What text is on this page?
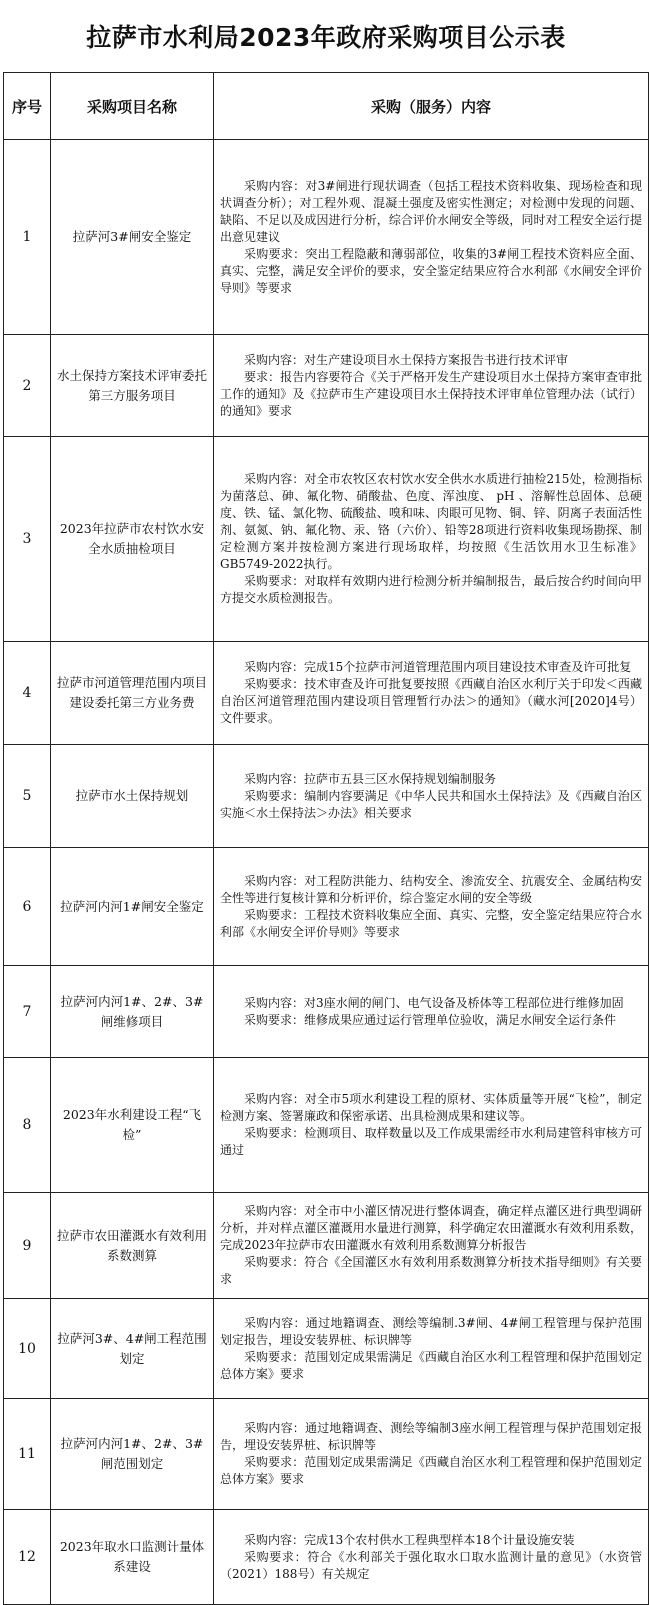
拉萨市水利局2023年政府采购项目公示表
序号	采购项目名称	采购（服务）内容
1	拉萨河3#闸安全鉴定	采购内容：对3#闸进行现状调查（包括工程技术资料收集、现场检查和现状调查分析）；对工程外观、混凝土强度及密实性测定；对检测中发现的问题、缺陷、不足以及成因进行分析，综合评价水闸安全等级，同时对工程安全运行提出意见建议

采购要求：突出工程隐蔽和薄弱部位，收集的3#闸工程技术资料应全面、真实、完整，满足安全评价的要求，安全鉴定结果应符合水利部《水闸安全评价导则》等要求

2	水土保持方案技术评审委托第三方服务项目	采购内容：对生产建设项目水土保持方案报告书进行技术评审

要求：报告内容要符合《关于严格开发生产建设项目水土保持方案审查审批工作的通知》及《拉萨市生产建设项目水土保持技术评审单位管理办法（试行）的通知》要求

3	2023年拉萨市农村饮水安全水质抽检项目	采购内容：对全市农牧区农村饮水安全供水水质进行抽检215处，检测指标为菌落总、砷、氟化物、硝酸盐、色度、浑浊度、 pH 、溶解性总固体、总硬度、铁、锰、氯化物、硫酸盐、嗅和味、肉眼可见物、铜、锌、阴离子表面活性剂、氨氮、钠、氟化物、汞、铬（六价）、铅等28项进行资料收集现场勘探、制定检测方案并按检测方案进行现场取样，均按照《生活饮用水卫生标准》GB5749-2022执行。

采购要求：对取样有效期内进行检测分析并编制报告，最后按合约时间向甲方提交水质检测报告。

4	拉萨市河道管理范围内项目建设委托第三方业务费	采购内容：完成15个拉萨市河道管理范围内项目建设技术审查及许可批复

采购要求：技术审查及许可批复要按照《西藏自治区水利厅关于印发＜西藏自治区河道管理范围内建设项目管理暂行办法＞的通知》（藏水河[2020]4号）文件要求。

5	拉萨市水土保持规划	采购内容：拉萨市五县三区水保持规划编制服务

采购要求：编制内容要满足《中华人民共和国水土保持法》及《西藏自治区实施＜水土保持法＞办法》相关要求

6	拉萨河内河1#闸安全鉴定	采购内容：对工程防洪能力、结构安全、渗流安全、抗震安全、金属结构安全性等进行复核计算和分析评价，综合鉴定水闸的安全等级

采购要求：工程技术资料收集应全面、真实、完整，安全鉴定结果应符合水利部《水闸安全评价导则》等要求

7	拉萨河内河1#、2#、3#闸维修项目	采购内容：对3座水闸的闸门、电气设备及桥体等工程部位进行维修加固

采购要求：维修成果应通过运行管理单位验收，满足水闸安全运行条件

8	2023年水利建设工程“飞检”	采购内容：对全市5项水利建设工程的原材、实体质量等开展“飞检”，制定检测方案、签署廉政和保密承诺、出具检测成果和建议等。

采购要求：检测项目、取样数量以及工作成果需经市水利局建管科审核方可通过

9	拉萨市农田灌溉水有效利用系数测算	采购内容：对全市中小灌区情况进行整体调查，确定样点灌区进行典型调研分析，并对样点灌区灌溉用水量进行测算，科学确定农田灌溉水有效利用系数，完成2023年拉萨市农田灌溉水有效利用系数测算分析报告

采购要求：符合《全国灌区水有效利用系数测算分析技术指导细则》有关要求

10	拉萨河3#、4#闸工程范围划定	采购内容：通过地籍调查、测绘等编制.3#闸、4#闸工程管理与保护范围划定报告，埋设安装界桩、标识牌等

采购要求：范围划定成果需满足《西藏自治区水利工程管理和保护范围划定总体方案》要求

11	拉萨河内河1#、2#、3#闸范围划定	采购内容：通过地籍调查、测绘等编制3座水闸工程管理与保护范围划定报告，埋设安装界桩、标识牌等

采购要求：范围划定成果需满足《西藏自治区水利工程管理和保护范围划定总体方案》要求

12	2023年取水口监测计量体系建设	采购内容：完成13个农村供水工程典型样本18个计量设施安装

采购要求：符合《水利部关于强化取水口取水监测计量的意见》（水资管（2021）188号）有关规定
